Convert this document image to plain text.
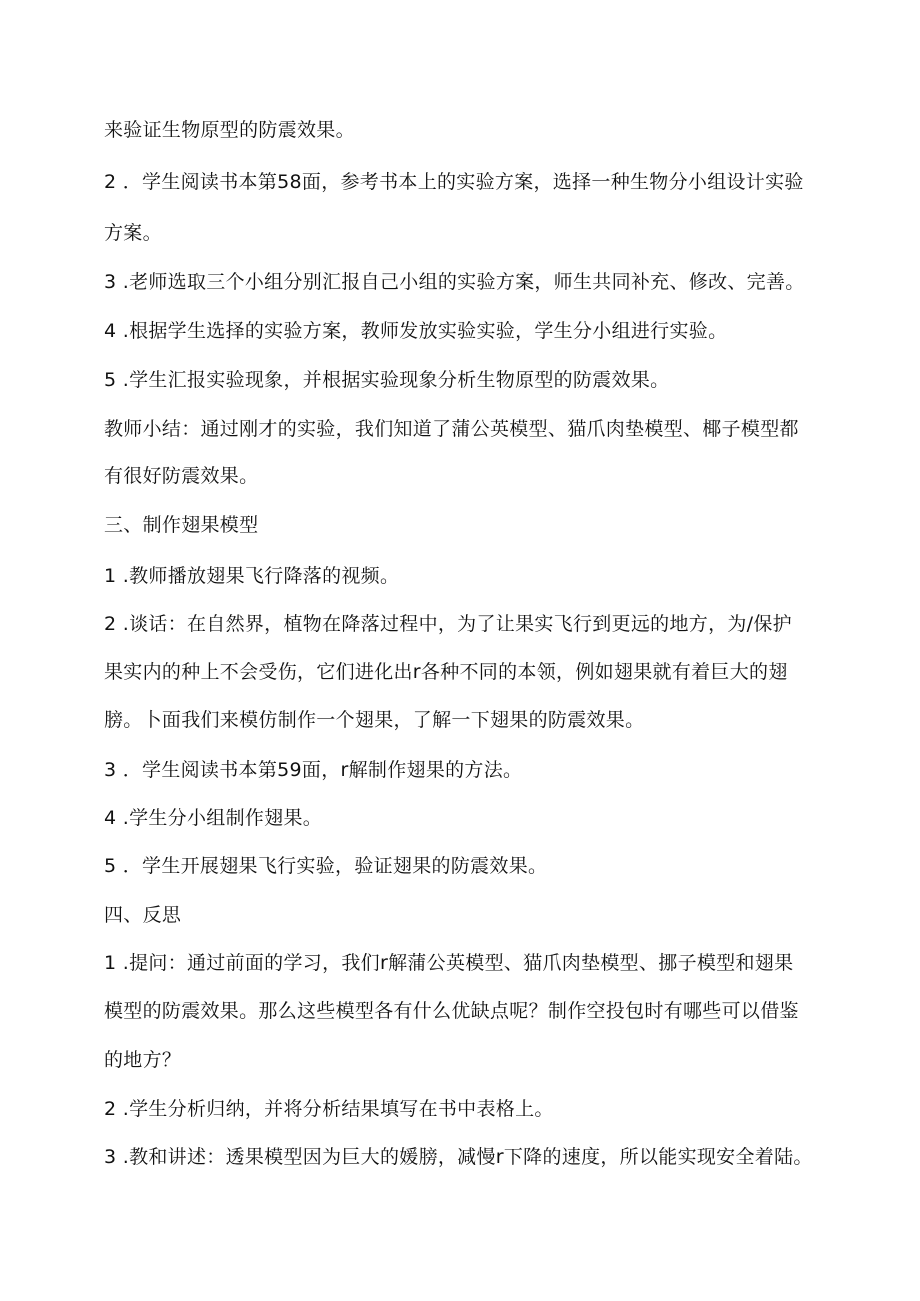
来验证生物原型的防震效果。
2 ．学生阅读书本第58面，参考书本上的实验方案，选择一种生物分小组设计实验
方案。
3 .老师选取三个小组分别汇报自己小组的实验方案，师生共同补充、修改、完善。
4 .根据学生选择的实验方案，教师发放实验实验，学生分小组进行实验。
5 .学生汇报实验现象，并根据实验现象分析生物原型的防震效果。
教师小结：通过刚才的实验，我们知道了蒲公英模型、猫爪肉垫模型、椰子模型都
有很好防震效果。
三、制作翅果模型
1 .教师播放翅果飞行降落的视频。
2 .谈话：在自然界，植物在降落过程中，为了让果实飞行到更远的地方，为/保护
果实内的种上不会受伤，它们进化出r各种不同的本领，例如翅果就有着巨大的翅
膀。卜面我们来模仿制作一个翅果，了解一下翅果的防震效果。
3 ．学生阅读书本第59面，r解制作翅果的方法。
4 .学生分小组制作翅果。
5 ．学生开展翅果飞行实验，验证翅果的防震效果。
四、反思
1 .提问：通过前面的学习，我们r解蒲公英模型、猫爪肉垫模型、挪子模型和翅果
模型的防震效果。那么这些模型各有什么优缺点呢？制作空投包时有哪些可以借鉴
的地方？
2 .学生分析归纳，并将分析结果填写在书中表格上。
3 .教和讲述：透果模型因为巨大的媛膀，减慢r下降的速度，所以能实现安全着陆。
